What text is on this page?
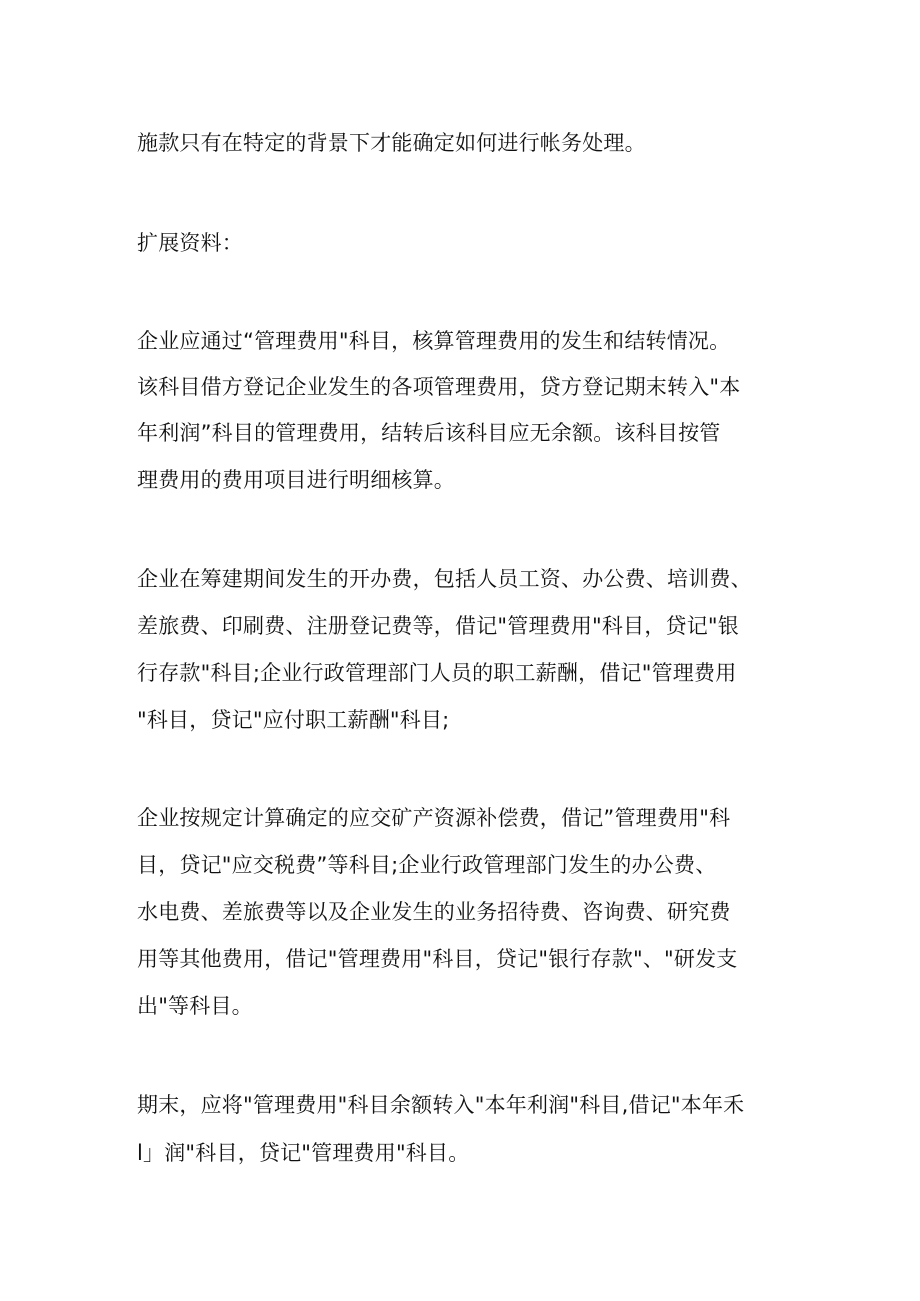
施款只有在特定的背景下才能确定如何进行帐务处理。
扩展资料：
企业应通过“管理费用"科目，核算管理费用的发生和结转情况。
该科目借方登记企业发生的各项管理费用，贷方登记期末转入"本
年利润”科目的管理费用，结转后该科目应无余额。该科目按管
理费用的费用项目进行明细核算。
企业在筹建期间发生的开办费，包括人员工资、办公费、培训费、
差旅费、印刷费、注册登记费等，借记"管理费用"科目，贷记"银
行存款"科目;企业行政管理部门人员的职工薪酬，借记"管理费用
"科目，贷记"应付职工薪酬"科目;
企业按规定计算确定的应交矿产资源补偿费，借记”管理费用"科
目，贷记"应交税费”等科目;企业行政管理部门发生的办公费、
水电费、差旅费等以及企业发生的业务招待费、咨询费、研究费
用等其他费用，借记"管理费用"科目，贷记"银行存款"、"研发支
出"等科目。
期末，应将"管理费用"科目余额转入"本年利润"科目,借记"本年禾
l」润"科目，贷记"管理费用"科目。
